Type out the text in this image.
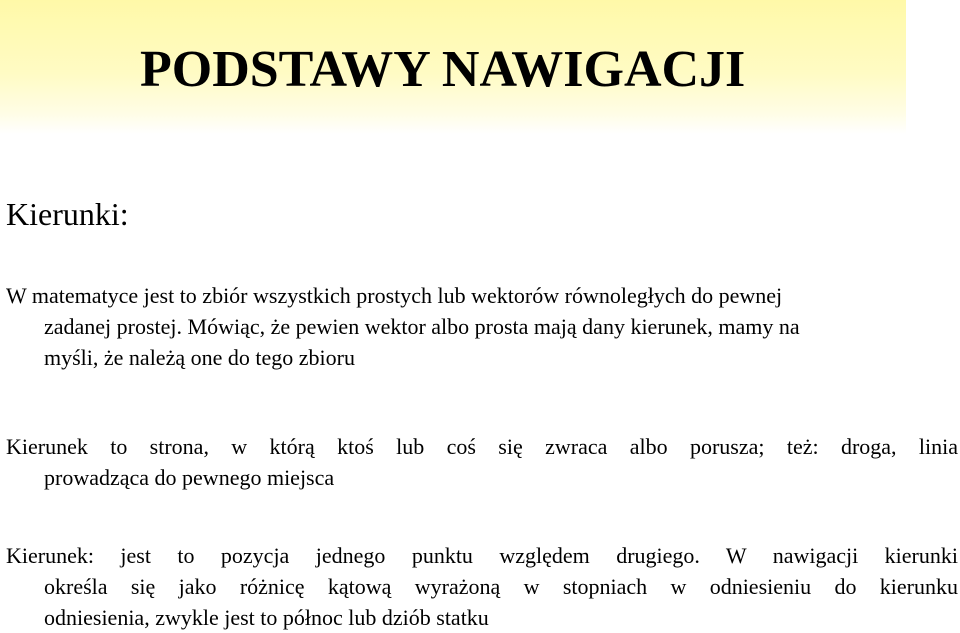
PODSTAWY NAWIGACJI
Kierunki:
W matematyce jest to zbiór wszystkich prostych lub wektorów równoległych do pewnej
zadanej prostej. Mówiąc, że pewien wektor albo prosta mają dany kierunek, mamy na
myśli, że należą one do tego zbioru
Kierunek to strona, w którą ktoś lub coś się zwraca albo porusza; też: droga, linia
prowadząca do pewnego miejsca
Kierunek: jest to pozycja jednego punktu względem drugiego. W nawigacji kierunki
określa się jako różnicę kątową wyrażoną w stopniach w odniesieniu do kierunku
odniesienia, zwykle jest to północ lub dziób statku
